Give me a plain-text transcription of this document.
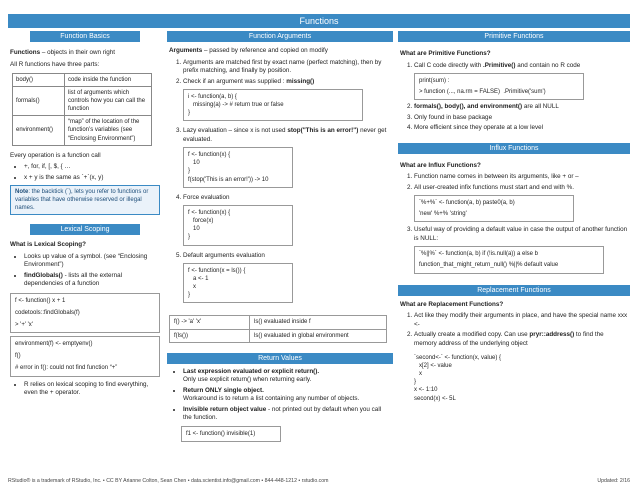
Functions
Function Basics

Functions – objects in their own right

All R functions have three parts:

body()	code inside the function
formals()	list of arguments which controls how you can call the function
environment()	“map” of the location of the function’s variables (see “Enclosing Environment”)

Every operation is a function call

• +, for, if, [, $, { …
• x + y is the same as `+`(x, y)
Note: the backtick (`), lets you refer to functions or variables that have otherwise reserved or illegal names.
Lexical Scoping

What is Lexical Scoping?

• Looks up value of a symbol. (see “Enclosing Environment”)
• findGlobals() - lists all the external dependencies of a function
f <- function() x + 1
codetools::findGlobals(f)
> '+' 'x'
environment(f) <- emptyenv()
f()
# error in f(): could not find function “+”
• R relies on lexical scoping to find everything, even the + operator.
Function Arguments

Arguments – passed by reference and copied on modify

1. Arguments are matched first by exact name (perfect matching), then by prefix matching, and finally by position.
2. Check if an argument was supplied : missing()
i <- function(a, b) {
missing(a) -> # return true or false
}
3. Lazy evaluation – since x is not used stop("This is an error!") never get evaluated.
f <- function(x) {
10
}
f(stop('This is an error!')) -> 10
4. Force evaluation
f <- function(x) {
force(x)
10
}
5. Default arguments evaluation
f <- function(x = ls()) {
a <- 1
x
}
f() -> 'a' 'x'	ls() evaluated inside f
f(ls())	ls() evaluated in global environment
Return Values
• Last expression evaluated or explicit return().
Only use explicit return() when returning early.
• Return ONLY single object.
Workaround is to return a list containing any number of objects.
• Invisible return object value - not printed out by default when you call the function.
f1 <- function() invisible(1)
Primitive Functions

What are Primitive Functions?

1. Call C code directly with .Primitive() and contain no R code
print(sum) :
> function (..., na.rm = FALSE)  .Primitive('sum')
2. formals(), body(), and environment() are all NULL
3. Only found in base package
4. More efficient since they operate at a low level
Influx Functions

What are Influx Functions?

1. Function name comes in between its arguments, like + or –
2. All user-created infix functions must start and end with %.
`%+%` <- function(a, b) paste0(a, b)
'new' %+% 'string'
3. Useful way of providing a default value in case the output of another function is NULL:
`%||%` <- function(a, b) if (!is.null(a)) a else b
function_that_might_return_null() %||% default value
Replacement Functions

What are Replacement Functions?

1. Act like they modify their arguments in place, and have the special name xxx <-
2. Actually create a modified copy. Can use pryr::address() to find the memory address of the underlying object
`second<-` <- function(x, value) {
x[2] <- value
x
}
x <- 1:10
second(x) <- 5L
RStudio® is a trademark of RStudio, Inc. • CC BY Arianne Colton, Sean Chen • data.scientist.info@gmail.com • 844-448-1212 • rstudio.com	Updated: 2/16
